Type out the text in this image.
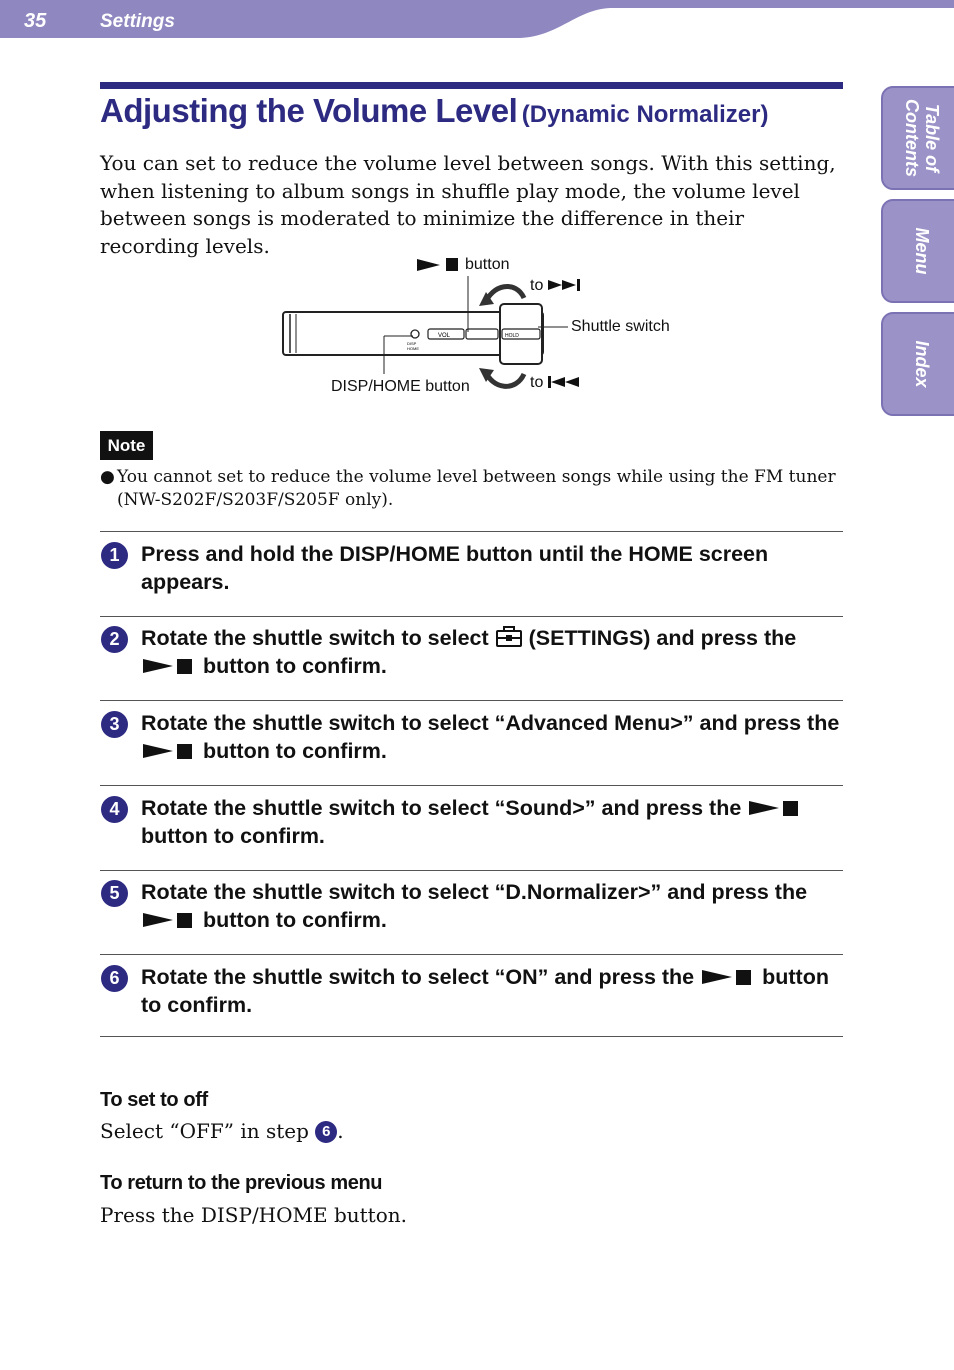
35	Settings
Table of
Contents
Menu
Index
Adjusting the Volume Level (Dynamic Normalizer)

You can set to reduce the volume level between songs. With this setting, when listening to album songs in shuffle play mode, the volume level between songs is moderated to minimize the difference in their recording levels.

VOL	HOLD
DISP
HOME
button
to
Shuttle switch
DISP/HOME button	to
Note
● You cannot set to reduce the volume level between songs while using the FM tuner (NW-S202F/S203F/S205F only).
1	Press and hold the DISP/HOME button until the HOME screen appears.
2	Rotate the shuttle switch to select (SETTINGS) and press the
button to confirm.
3	Rotate the shuttle switch to select “Advanced Menu>” and press the
button to confirm.
4	Rotate the shuttle switch to select “Sound>” and press the
button to confirm.
5	Rotate the shuttle switch to select “D.Normalizer>” and press the
button to confirm.
6	Rotate the shuttle switch to select “ON” and press the	button to confirm.
To set to off
Select “OFF” in step 6 .
To return to the previous menu
Press the DISP/HOME button.
